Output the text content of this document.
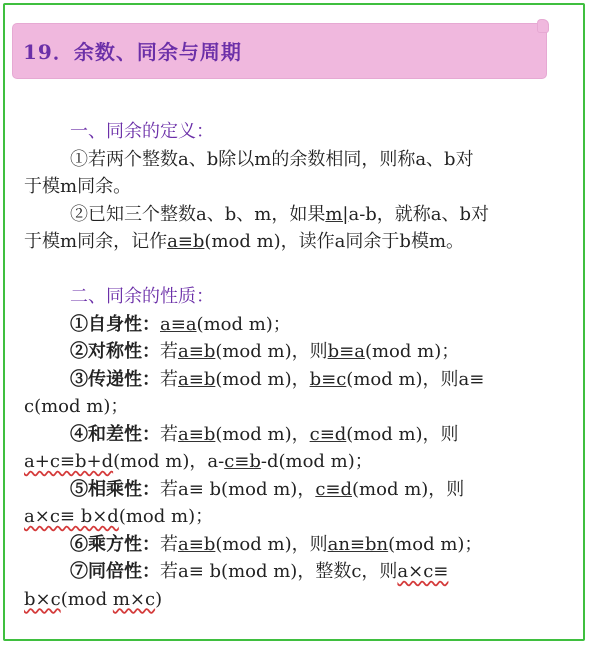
19．余数、同余与周期
一、同余的定义：
①若两个整数a、b除以m的余数相同，则称a、b对
于模m同余。
②已知三个整数a、b、m，如果m|a-b，就称a、b对
于模m同余，记作a≡b(mod m)，读作a同余于b模m。
二、同余的性质：
①自身性：a≡a(mod m)；
②对称性：若a≡b(mod m)，则b≡a(mod m)；
③传递性：若a≡b(mod m)，b≡c(mod m)，则a≡
c(mod m)；
④和差性：若a≡b(mod m)，c≡d(mod m)，则
a+c≡b+d(mod m)，a-c≡b-d(mod m)；
⑤相乘性：若a≡ b(mod m)，c≡d(mod m)，则
a×c≡ b×d(mod m)；
⑥乘方性：若a≡b(mod m)，则an≡bn(mod m)；
⑦同倍性：若a≡ b(mod m)，整数c，则a×c≡
b×c(mod m×c)
